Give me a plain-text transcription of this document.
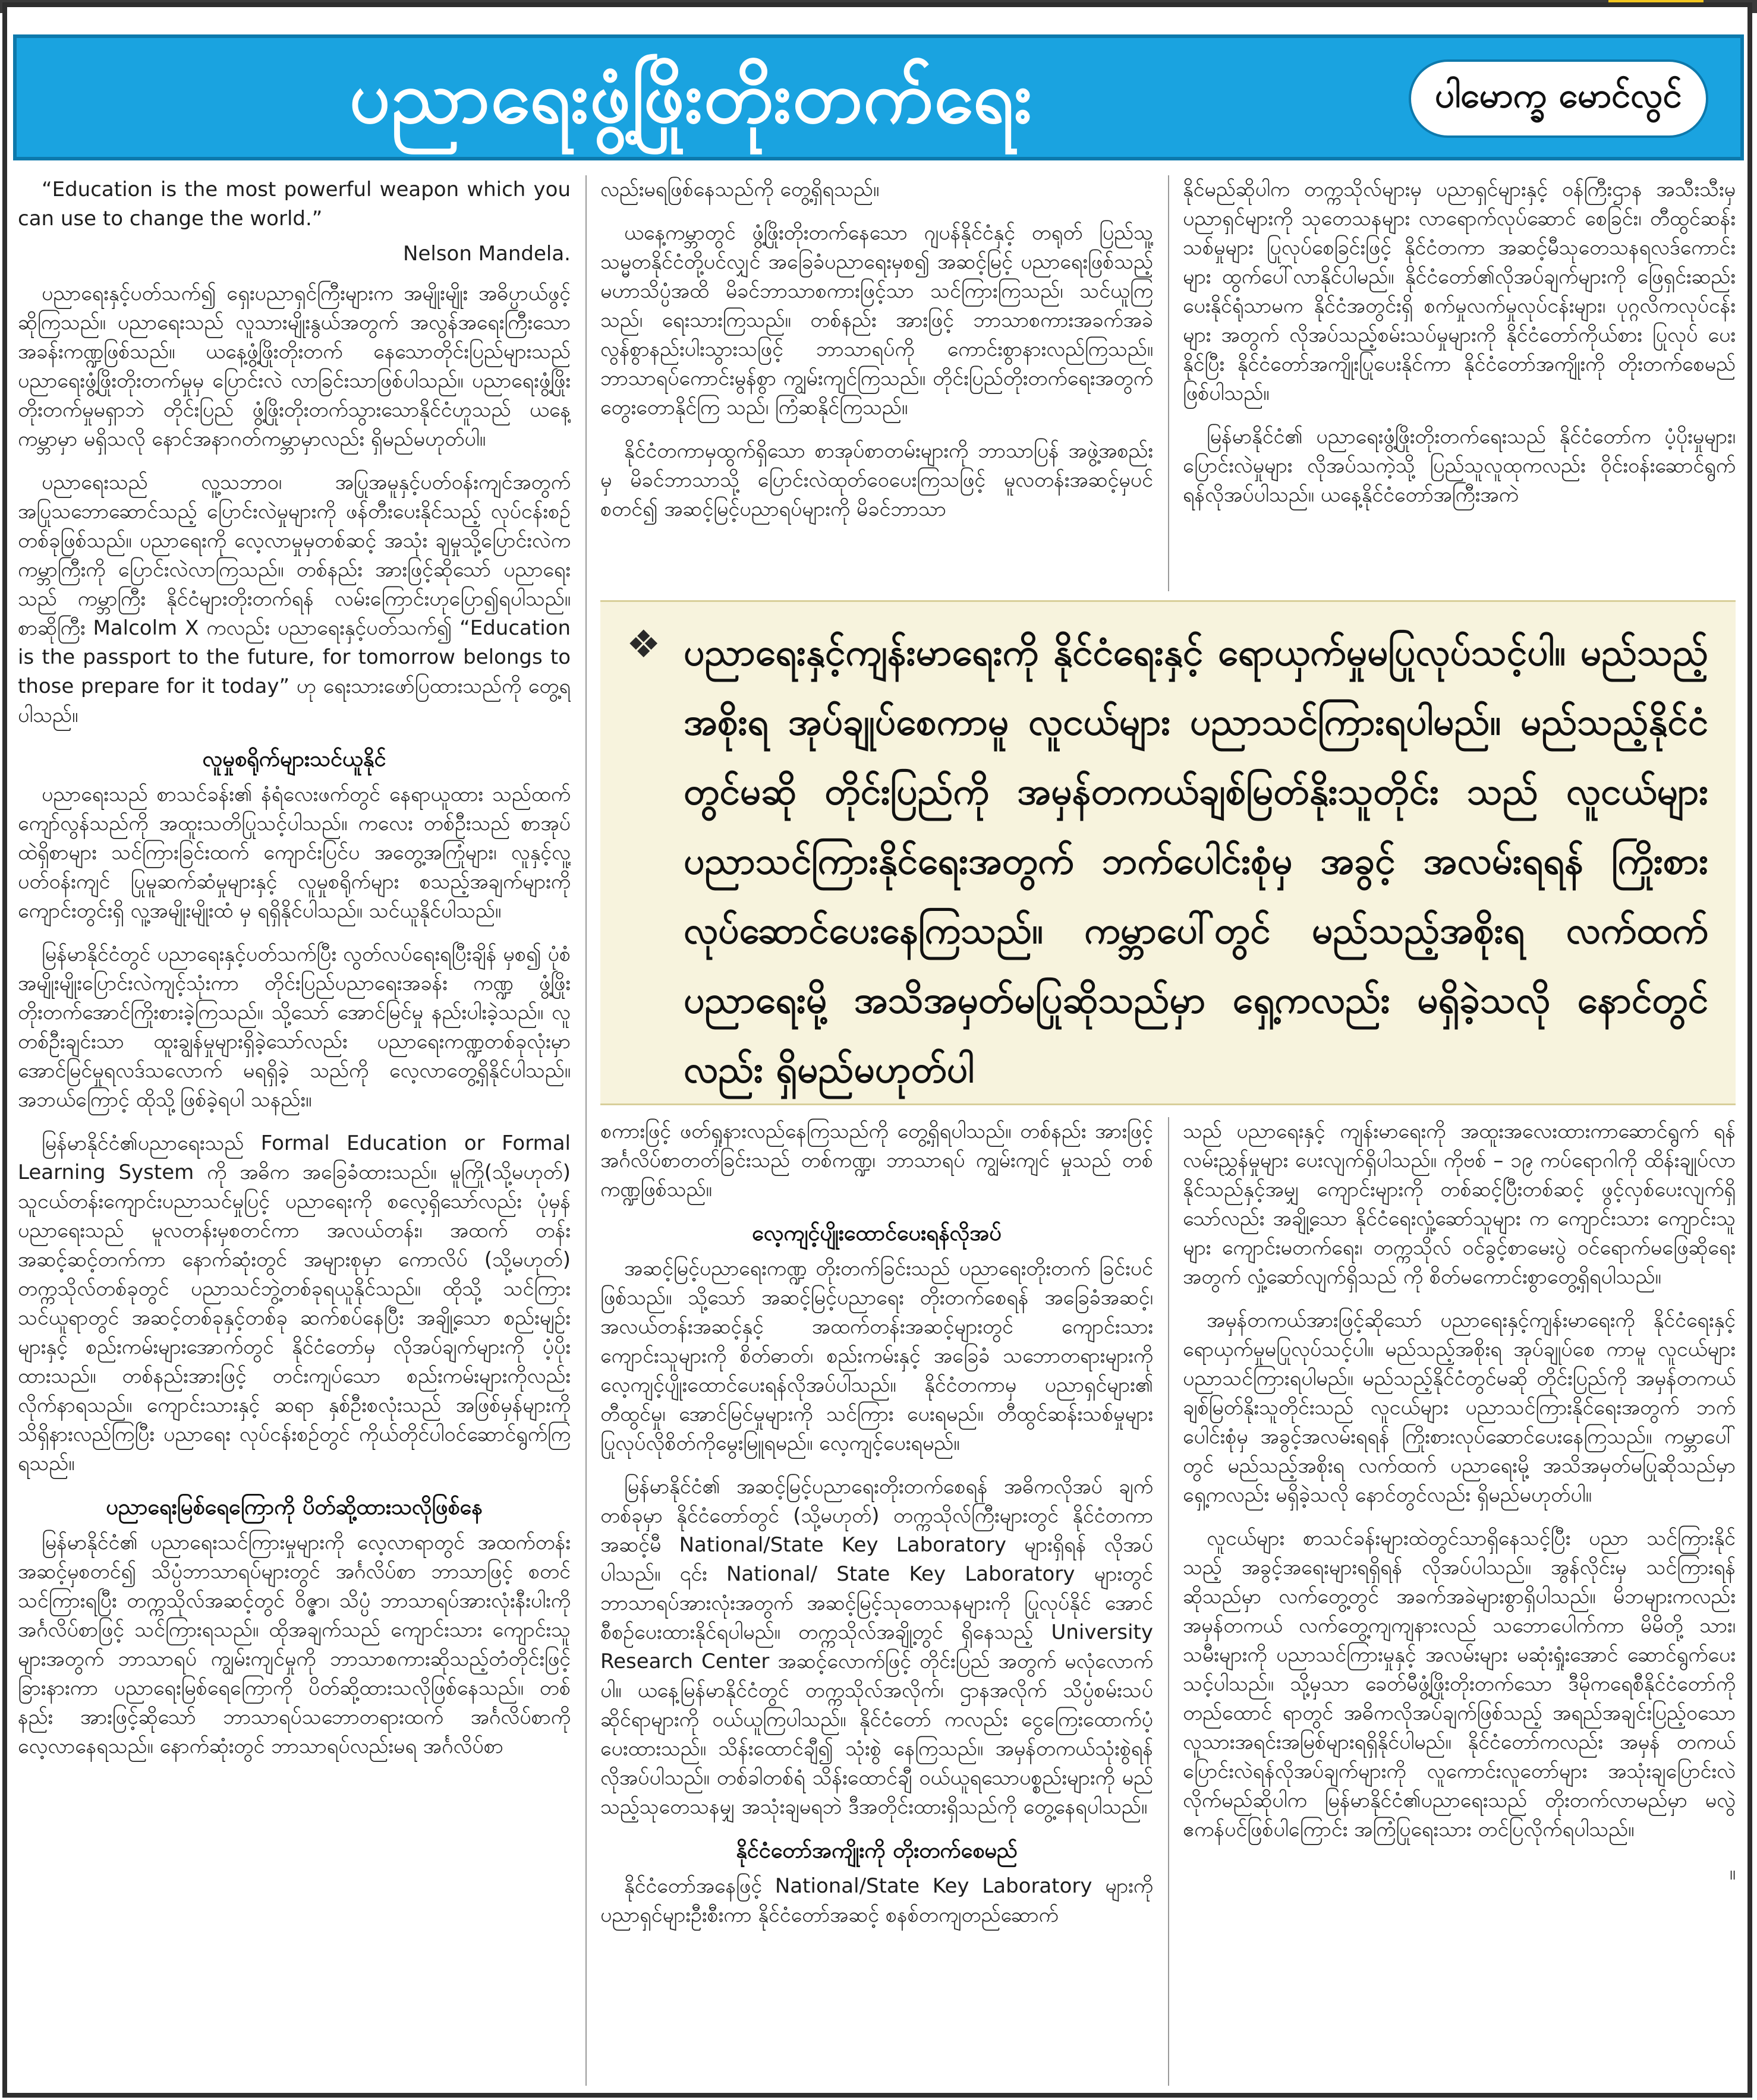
ပညာရေးဖွံ့ဖြိုးတိုးတက်ရေး	ပါမောက္ခ မောင်လွင်

“Education is the most powerful weapon which you can use to change the world.”

Nelson Mandela.

ပညာရေးနှင့်ပတ်သက်၍ ရှေးပညာရှင်ကြီးများက အမျိုးမျိုး အဓိပ္ပာယ်ဖွင့်ဆိုကြသည်။ ပညာရေးသည် လူသားမျိုးနွယ်အတွက် အလွန်အရေးကြီးသောအခန်းကဏ္ဍဖြစ်သည်။ ယနေ့ဖွံ့ဖြိုးတိုးတက် နေသောတိုင်းပြည်များသည် ပညာရေးဖွံ့ဖြိုးတိုးတက်မှုမှ ပြောင်းလဲ လာခြင်းသာဖြစ်ပါသည်။ ပညာရေးဖွံ့ဖြိုးတိုးတက်မှုမရှာဘဲ တိုင်းပြည် ဖွံ့ဖြိုးတိုးတက်သွားသောနိုင်ငံဟူသည် ယနေ့ကမ္ဘာမှာ မရှိသလို နောင်အနာဂတ်ကမ္ဘာမှာလည်း ရှိမည်မဟုတ်ပါ။

ပညာရေးသည် လူ့သဘာဝ၊ အပြုအမူနှင့်ပတ်ဝန်းကျင်အတွက် အပြုသဘောဆောင်သည့် ပြောင်းလဲမှုများကို ဖန်တီးပေးနိုင်သည့် လုပ်ငန်းစဉ်တစ်ခုဖြစ်သည်။ ပညာရေးကို လေ့လာမှုမှတစ်ဆင့် အသုံး ချမှုသို့ပြောင်းလဲက ကမ္ဘာကြီးကို ပြောင်းလဲလာကြသည်။ တစ်နည်း အားဖြင့်ဆိုသော် ပညာရေးသည် ကမ္ဘာကြီး နိုင်ငံများတိုးတက်ရန် လမ်းကြောင်းဟုပြော၍ရပါသည်။ စာဆိုကြီး Malcolm X ကလည်း ပညာရေးနှင့်ပတ်သက်၍ “Education is the passport to the future, for tomorrow belongs to those prepare for it today” ဟု ရေးသားဖော်ပြထားသည်ကို တွေ့ရပါသည်။

လူမှုစရိုက်များသင်ယူနိုင်

ပညာရေးသည် စာသင်ခန်း၏ နံရံလေးဖက်တွင် နေရာယူထား သည်ထက် ကျော်လွန်သည်ကို အထူးသတိပြုသင့်ပါသည်။ ကလေး တစ်ဦးသည် စာအုပ်ထဲရှိစာများ သင်ကြားခြင်းထက် ကျောင်းပြင်ပ အတွေ့အကြုံများ၊ လူနှင့်လူ့ပတ်ဝန်းကျင် ပြုမူဆက်ဆံမှုများနှင့် လူမှုစရိုက်များ စသည့်အချက်များကို ကျောင်းတွင်းရှိ လူ့အမျိုးမျိုးထံ မှ ရရှိနိုင်ပါသည်။ သင်ယူနိုင်ပါသည်။

မြန်မာနိုင်ငံတွင် ပညာရေးနှင့်ပတ်သက်ပြီး လွတ်လပ်ရေးရပြီးချိန် မှစ၍ ပုံစံအမျိုးမျိုးပြောင်းလဲကျင့်သုံးကာ တိုင်းပြည်ပညာရေးအခန်း ကဏ္ဍ ဖွံ့ဖြိုးတိုးတက်အောင်ကြိုးစားခဲ့ကြသည်။ သို့သော် အောင်မြင်မှု နည်းပါးခဲ့သည်။ လူတစ်ဦးချင်းသာ ထူးချွန်မှုများရှိခဲ့သော်လည်း ပညာရေးကဏ္ဍတစ်ခုလုံးမှာ အောင်မြင်မှုရလဒ်သလောက် မရရှိခဲ့ သည်ကို လေ့လာတွေ့ရှိနိုင်ပါသည်။ အဘယ်ကြောင့် ထိုသို့ဖြစ်ခဲ့ရပါ သနည်း။

မြန်မာနိုင်ငံ၏ပညာရေးသည် Formal Education or Formal Learning System ကို အဓိက အခြေခံထားသည်။ မူကြို(သို့မဟုတ်) သူငယ်တန်းကျောင်းပညာသင်မှုပြင့် ပညာရေးကို စလေ့ရှိသော်လည်း ပုံမှန်ပညာရေးသည် မူလတန်းမှစတင်ကာ အလယ်တန်း၊ အထက် တန်း အဆင့်ဆင့်တက်ကာ နောက်ဆုံးတွင် အများစုမှာ ကောလိပ် (သို့မဟုတ်) တက္ကသိုလ်တစ်ခုတွင် ပညာသင်ဘွဲ့တစ်ခုရယူနိုင်သည်။ ထိုသို့ သင်ကြားသင်ယူရာတွင် အဆင့်တစ်ခုနှင့်တစ်ခု ဆက်စပ်နေပြီး အချို့သော စည်းမျဉ်းများနှင့် စည်းကမ်းများအောက်တွင် နိုင်ငံတော်မှ လိုအပ်ချက်များကို ပံ့ပိုးထားသည်။ တစ်နည်းအားဖြင့် တင်းကျပ်သော စည်းကမ်းများကိုလည်း လိုက်နာရသည်။ ကျောင်းသားနှင့် ဆရာ နှစ်ဦးစလုံးသည် အဖြစ်မှန်များကို သိရှိနားလည်ကြပြီး ပညာရေး လုပ်ငန်းစဉ်တွင် ကိုယ်တိုင်ပါဝင်ဆောင်ရွက်ကြရသည်။

ပညာရေးမြစ်ရေကြောကို ပိတ်ဆို့ထားသလိုဖြစ်နေ

မြန်မာနိုင်ငံ၏ ပညာရေးသင်ကြားမှုများကို လေ့လာရာတွင် အထက်တန်းအဆင့်မှစတင်၍ သိပ္ပံဘာသာရပ်များတွင် အင်္ဂလိပ်စာ ဘာသာဖြင့် စတင်သင်ကြားရပြီး တက္ကသိုလ်အဆင့်တွင် ဝိဇ္ဇာ၊ သိပ္ပံ ဘာသာရပ်အားလုံးနီးပါးကို အင်္ဂလိပ်စာဖြင့် သင်ကြားရသည်။ ထိုအချက်သည် ကျောင်းသား ကျောင်းသူများအတွက် ဘာသာရပ် ကျွမ်းကျင်မှုကို ဘာသာစကားဆိုသည့်တံတိုင်းဖြင့် ခြားနားကာ ပညာရေးမြစ်ရေကြောကို ပိတ်ဆို့ထားသလိုဖြစ်နေသည်။ တစ်နည်း အားဖြင့်ဆိုသော် ဘာသာရပ်သဘောတရားထက် အင်္ဂလိပ်စာကို လေ့လာနေရသည်။ နောက်ဆုံးတွင် ဘာသာရပ်လည်းမရ အင်္ဂလိပ်စာ

လည်းမရဖြစ်နေသည်ကို တွေ့ရှိရသည်။

ယနေ့ကမ္ဘာတွင် ဖွံ့ဖြိုးတိုးတက်နေသော ဂျပန်နိုင်ငံနှင့် တရုတ် ပြည်သူ့သမ္မတနိုင်ငံတို့ပင်လျှင် အခြေခံပညာရေးမှစ၍ အဆင့်မြင့် ပညာရေးဖြစ်သည့် မဟာသိပ္ပံအထိ မိခင်ဘာသာစကားဖြင့်သာ သင်ကြားကြသည်၊ သင်ယူကြသည်၊ ရေးသားကြသည်။ တစ်နည်း အားဖြင့် ဘာသာစကားအခက်အခဲ လွန်စွာနည်းပါးသွားသဖြင့် ဘာသာရပ်ကို ကောင်းစွာနားလည်ကြသည်။ ဘာသာရပ်ကောင်းမွန်စွာ ကျွမ်းကျင်ကြသည်။ တိုင်းပြည်တိုးတက်ရေးအတွက် တွေးတောနိုင်ကြ သည်၊ ကြံဆနိုင်ကြသည်။

နိုင်ငံတကာမှထွက်ရှိသော စာအုပ်စာတမ်းများကို ဘာသာပြန် အဖွဲ့အစည်းမှ မိခင်ဘာသာသို့ ပြောင်းလဲထုတ်ဝေပေးကြသဖြင့် မူလတန်းအဆင့်မှပင်စတင်၍ အဆင့်မြင့်ပညာရပ်များကို မိခင်ဘာသာ

နိုင်မည်ဆိုပါက တက္ကသိုလ်များမှ ပညာရှင်များနှင့် ဝန်ကြီးဌာန အသီးသီးမှပညာရှင်များကို သုတေသနများ လာရောက်လုပ်ဆောင် စေခြင်း၊ တီထွင်ဆန်းသစ်မှုများ ပြုလုပ်စေခြင်းဖြင့် နိုင်ငံတကာ အဆင့်မီသုတေသနရလဒ်ကောင်းများ ထွက်ပေါ်လာနိုင်ပါမည်။ နိုင်ငံတော်၏လိုအပ်ချက်များကို ဖြေရှင်းဆည်းပေးနိုင်ရုံသာမက နိုင်ငံအတွင်းရှိ စက်မှုလက်မှုလုပ်ငန်းများ၊ ပုဂ္ဂလိကလုပ်ငန်းများ အတွက် လိုအပ်သည့်စမ်းသပ်မှုများကို နိုင်ငံတော်ကိုယ်စား ပြုလုပ် ပေးနိုင်ပြီး နိုင်ငံတော်အကျိုးပြုပေးနိုင်ကာ နိုင်ငံတော်အကျိုးကို တိုးတက်စေမည်ဖြစ်ပါသည်။

မြန်မာနိုင်ငံ၏ ပညာရေးဖွံ့ဖြိုးတိုးတက်ရေးသည် နိုင်ငံတော်က ပံ့ပိုးမှုများ၊ ပြောင်းလဲမှုများ လိုအပ်သကဲ့သို့ ပြည်သူလူထုကလည်း ဝိုင်းဝန်းဆောင်ရွက်ရန်လိုအပ်ပါသည်။ ယနေ့နိုင်ငံတော်အကြီးအကဲ

❖ ပညာရေးနှင့်ကျန်းမာရေးကို နိုင်ငံရေးနှင့် ရောယှက်မှုမပြုလုပ်သင့်ပါ။ မည်သည့်အစိုးရ အုပ်ချုပ်စေကာမူ လူငယ်များ ပညာသင်ကြားရပါမည်။ မည်သည့်နိုင်ငံတွင်မဆို တိုင်းပြည်ကို အမှန်တကယ်ချစ်မြတ်နိုးသူတိုင်း သည် လူငယ်များ ပညာသင်ကြားနိုင်ရေးအတွက် ဘက်ပေါင်းစုံမှ အခွင့် အလမ်းရရန် ကြိုးစားလုပ်ဆောင်ပေးနေကြသည်။ ကမ္ဘာပေါ်တွင် မည်သည့်အစိုးရ လက်ထက် ပညာရေးမို့ အသိအမှတ်မပြုဆိုသည်မှာ ရှေ့ကလည်း မရှိခဲ့သလို နောင်တွင်လည်း ရှိမည်မဟုတ်ပါ

စကားဖြင့် ဖတ်ရှုနားလည်နေကြသည်ကို တွေ့ရှိရပါသည်။ တစ်နည်း အားဖြင့် အင်္ဂလိပ်စာတတ်ခြင်းသည် တစ်ကဏ္ဍ၊ ဘာသာရပ် ကျွမ်းကျင် မှုသည် တစ်ကဏ္ဍဖြစ်သည်။

လေ့ကျင့်ပျိုးထောင်ပေးရန်လိုအပ်

အဆင့်မြင့်ပညာရေးကဏ္ဍ တိုးတက်ခြင်းသည် ပညာရေးတိုးတက် ခြင်းပင်ဖြစ်သည်။ သို့သော် အဆင့်မြင့်ပညာရေး တိုးတက်စေရန် အခြေခံအဆင့်၊ အလယ်တန်းအဆင့်နှင့် အထက်တန်းအဆင့်များတွင် ကျောင်းသား ကျောင်းသူများကို စိတ်ဓာတ်၊ စည်းကမ်းနှင့် အခြေခံ သဘောတရားများကို လေ့ကျင့်ပျိုးထောင်ပေးရန်လိုအပ်ပါသည်။ နိုင်ငံတကာမှ ပညာရှင်များ၏ တီထွင်မှု၊ အောင်မြင်မှုများကို သင်ကြား ပေးရမည်။ တီထွင်ဆန်းသစ်မှုများ ပြုလုပ်လိုစိတ်ကိုမွေးမြူရမည်။ လေ့ကျင့်ပေးရမည်။

မြန်မာနိုင်ငံ၏ အဆင့်မြင့်ပညာရေးတိုးတက်စေရန် အဓိကလိုအပ် ချက်တစ်ခုမှာ နိုင်ငံတော်တွင် (သို့မဟုတ်) တက္ကသိုလ်ကြီးများတွင် နိုင်ငံတကာအဆင့်မီ National/State Key Laboratory များရှိရန် လိုအပ်ပါသည်။ ၎င်း National/ State Key Laboratory များတွင် ဘာသာရပ်အားလုံးအတွက် အဆင့်မြင့်သုတေသနများကို ပြုလုပ်နိုင် အောင် စီစဉ်ပေးထားနိုင်ရပါမည်။ တက္ကသိုလ်အချို့တွင် ရှိနေသည့် University Research Center အဆင့်လောက်ဖြင့် တိုင်းပြည် အတွက် မလုံလောက်ပါ။ ယနေ့မြန်မာနိုင်ငံတွင် တက္ကသိုလ်အလိုက်၊ ဌာနအလိုက် သိပ္ပံစမ်းသပ်ဆိုင်ရာများကို ဝယ်ယူကြပါသည်။ နိုင်ငံတော် ကလည်း ငွေကြေးထောက်ပံ့ပေးထားသည်။ သိန်းထောင်ချီ၍ သုံးစွဲ နေကြသည်။ အမှန်တကယ်သုံးစွဲရန် လိုအပ်ပါသည်။ တစ်ခါတစ်ရံ သိန်းထောင်ချီ ဝယ်ယူရသောပစ္စည်းများကို မည်သည့်သုတေသနမျှ အသုံးချမရဘဲ ဒီအတိုင်းထားရှိသည်ကို တွေ့နေရပါသည်။

နိုင်ငံတော်အကျိုးကို တိုးတက်စေမည်

နိုင်ငံတော်အနေဖြင့် National/State Key Laboratory များကို ပညာရှင်များဦးစီးကာ နိုင်ငံတော်အဆင့် စနစ်တကျတည်ဆောက်

သည် ပညာရေးနှင့် ကျန်းမာရေးကို အထူးအလေးထားကာဆောင်ရွက် ရန် လမ်းညွှန်မှုများ ပေးလျက်ရှိပါသည်။ ကိုဗစ် – ၁၉ ကပ်ရောဂါကို ထိန်းချုပ်လာနိုင်သည်နှင့်အမျှ ကျောင်းများကို တစ်ဆင့်ပြီးတစ်ဆင့် ဖွင့်လှစ်ပေးလျက်ရှိသော်လည်း အချို့သော နိုင်ငံရေးလှုံ့ဆော်သူများ က ကျောင်းသား ကျောင်းသူများ ကျောင်းမတက်ရေး၊ တက္ကသိုလ် ဝင်ခွင့်စာမေးပွဲ ဝင်ရောက်မဖြေဆိုရေးအတွက် လှုံ့ဆော်လျက်ရှိသည် ကို စိတ်မကောင်းစွာတွေ့ရှိရပါသည်။

အမှန်တကယ်အားဖြင့်ဆိုသော် ပညာရေးနှင့်ကျန်းမာရေးကို နိုင်ငံရေးနှင့် ရောယှက်မှုမပြုလုပ်သင့်ပါ။ မည်သည့်အစိုးရ အုပ်ချုပ်စေ ကာမူ လူငယ်များ ပညာသင်ကြားရပါမည်။ မည်သည့်နိုင်ငံတွင်မဆို တိုင်းပြည်ကို အမှန်တကယ်ချစ်မြတ်နိုးသူတိုင်းသည် လူငယ်များ ပညာသင်ကြားနိုင်ရေးအတွက် ဘက်ပေါင်းစုံမှ အခွင့်အလမ်းရရန် ကြိုးစားလုပ်ဆောင်ပေးနေကြသည်။ ကမ္ဘာပေါ်တွင် မည်သည့်အစိုးရ လက်ထက် ပညာရေးမို့ အသိအမှတ်မပြုဆိုသည်မှာ ရှေ့ကလည်း မရှိခဲ့သလို နောင်တွင်လည်း ရှိမည်မဟုတ်ပါ။

လူငယ်များ စာသင်ခန်းများထဲတွင်သာရှိနေသင့်ပြီး ပညာ သင်ကြားနိုင်သည့် အခွင့်အရေးများရရှိရန် လိုအပ်ပါသည်။ အွန်လိုင်းမှ သင်ကြားရန်ဆိုသည်မှာ လက်တွေ့တွင် အခက်အခဲများစွာရှိပါသည်။ မိဘများကလည်း အမှန်တကယ် လက်တွေ့ကျကျနားလည် သဘောပေါက်ကာ မိမိတို့ သား၊ သမီးများကို ပညာသင်ကြားမှုနှင့် အလမ်းများ မဆုံးရှုံးအောင် ဆောင်ရွက်ပေးသင့်ပါသည်။ သို့မှသာ ခေတ်မီဖွံ့ဖြိုးတိုးတက်သော ဒီမိုကရေစီနိုင်ငံတော်ကိုတည်ထောင် ရာတွင် အဓိကလိုအပ်ချက်ဖြစ်သည့် အရည်အချင်းပြည့်ဝသော လူသားအရင်းအမြစ်များရရှိနိုင်ပါမည်။ နိုင်ငံတော်ကလည်း အမှန် တကယ် ပြောင်းလဲရန်လိုအပ်ချက်များကို လူကောင်းလူတော်များ အသုံးချပြောင်းလဲလိုက်မည်ဆိုပါက မြန်မာနိုင်ငံ၏ပညာရေးသည် တိုးတက်လာမည်မှာ မလွဲဧကန်ပင်ဖြစ်ပါကြောင်း အကြံပြုရေးသား တင်ပြလိုက်ရပါသည်။

။
